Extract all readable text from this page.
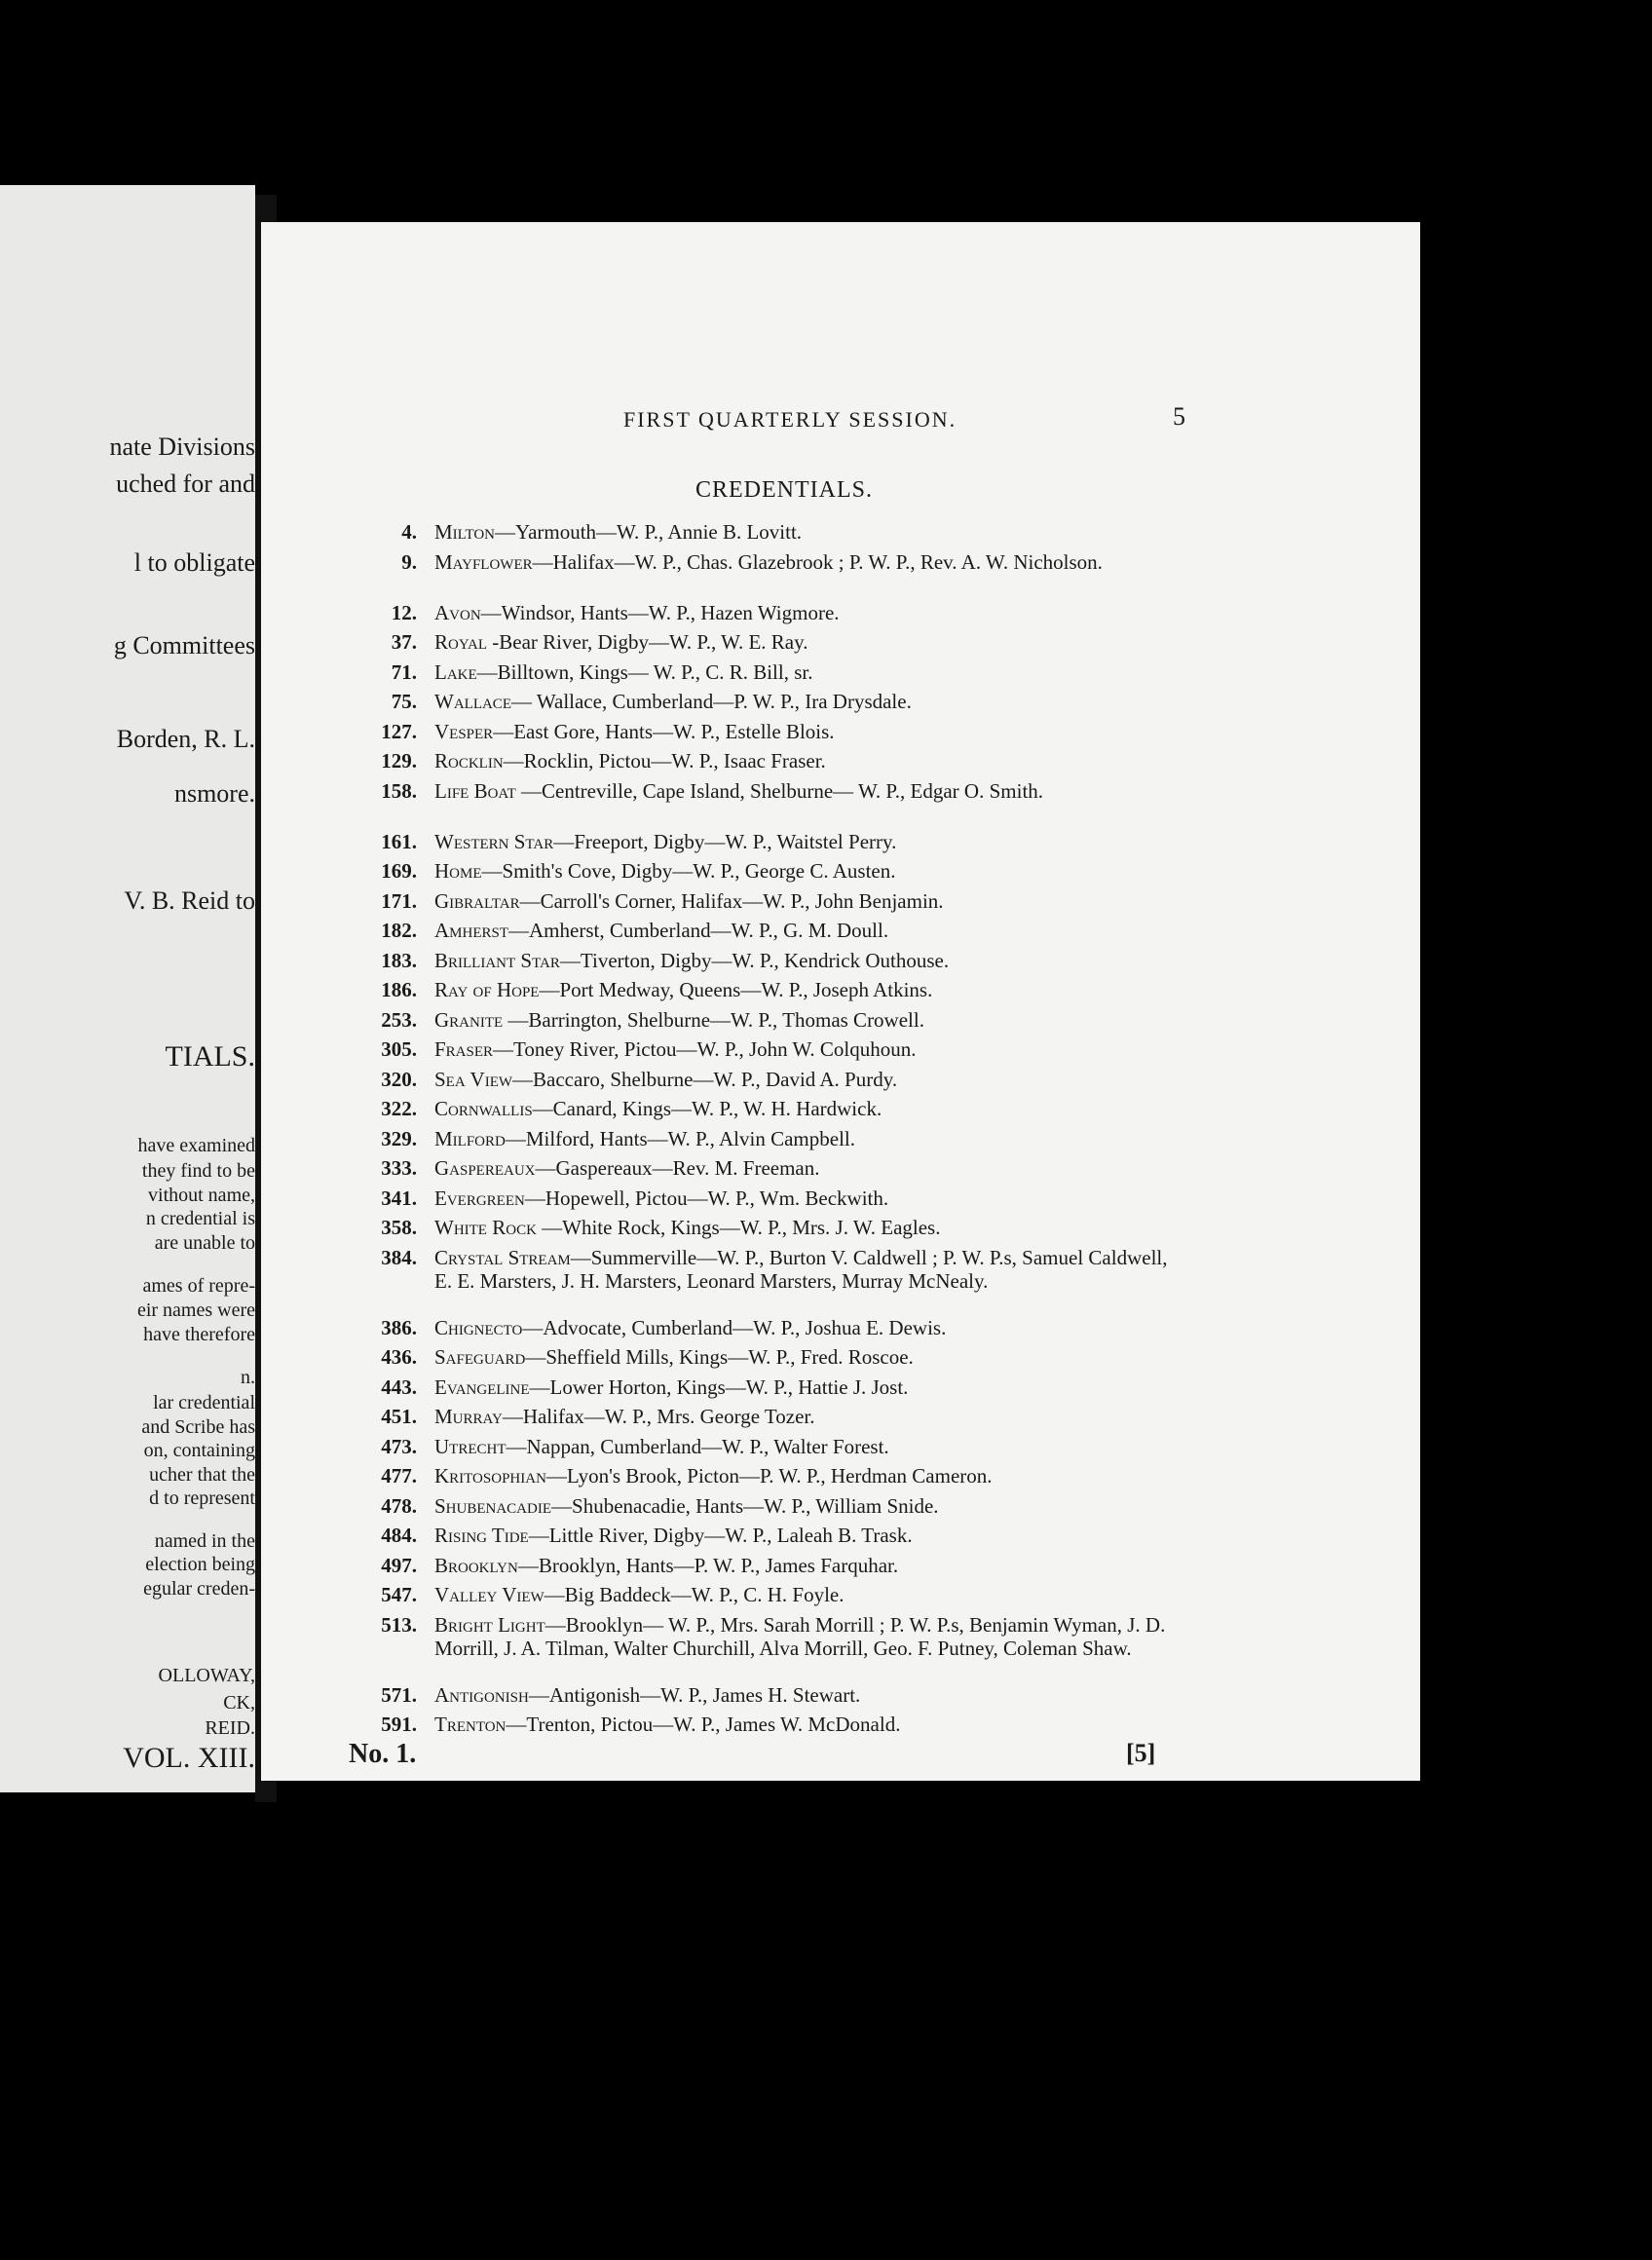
nate Divisions
uched for and
l to obligate
g Committees
Borden, R. L.
nsmore.
V. B. Reid to
TIALS.
have examined
they find to be
vithout name,
n credential is
are unable to
ames of repre-
eir names were
have therefore
n.
lar credential
and Scribe has
on, containing
ucher that the
d to represent
named in the
election being
egular creden-
OLLOWAY,
CK,
REID.
VOL. XIII.
FIRST QUARTERLY SESSION.	5
CREDENTIALS.
4. Milton—Yarmouth—W. P., Annie B. Lovitt.
9. Mayflower—Halifax—W. P., Chas. Glazebrook ; P. W. P., Rev. A. W. Nicholson.
12. Avon—Windsor, Hants—W. P., Hazen Wigmore.
37. Royal -Bear River, Digby—W. P., W. E. Ray.
71. Lake—Billtown, Kings— W. P., C. R. Bill, sr.
75. Wallace— Wallace, Cumberland—P. W. P., Ira Drysdale.
127. Vesper—East Gore, Hants—W. P., Estelle Blois.
129. Rocklin—Rocklin, Pictou—W. P., Isaac Fraser.
158. Life Boat —Centreville, Cape Island, Shelburne— W. P., Edgar O. Smith.
161. Western Star—Freeport, Digby—W. P., Waitstel Perry.
169. Home—Smith's Cove, Digby—W. P., George C. Austen.
171. Gibraltar—Carroll's Corner, Halifax—W. P., John Benjamin.
182. Amherst—Amherst, Cumberland—W. P., G. M. Doull.
183. Brilliant Star—Tiverton, Digby—W. P., Kendrick Outhouse.
186. Ray of Hope—Port Medway, Queens—W. P., Joseph Atkins.
253. Granite —Barrington, Shelburne—W. P., Thomas Crowell.
305. Fraser—Toney River, Pictou—W. P., John W. Colquhoun.
320. Sea View—Baccaro, Shelburne—W. P., David A. Purdy.
322. Cornwallis—Canard, Kings—W. P., W. H. Hardwick.
329. Milford—Milford, Hants—W. P., Alvin Campbell.
333. Gaspereaux—Gaspereaux—Rev. M. Freeman.
341. Evergreen—Hopewell, Pictou—W. P., Wm. Beckwith.
358. White Rock —White Rock, Kings—W. P., Mrs. J. W. Eagles.
384. Crystal Stream—Summerville—W. P., Burton V. Caldwell ; P. W. P.s, Samuel Caldwell, E. E. Marsters, J. H. Marsters, Leonard Marsters, Murray McNealy.
386. Chignecto—Advocate, Cumberland—W. P., Joshua E. Dewis.
436. Safeguard—Sheffield Mills, Kings—W. P., Fred. Roscoe.
443. Evangeline—Lower Horton, Kings—W. P., Hattie J. Jost.
451. Murray—Halifax—W. P., Mrs. George Tozer.
473. Utrecht—Nappan, Cumberland—W. P., Walter Forest.
477. Kritosophian—Lyon's Brook, Picton—P. W. P., Herdman Cameron.
478. Shubenacadie—Shubenacadie, Hants—W. P., William Snide.
484. Rising Tide—Little River, Digby—W. P., Laleah B. Trask.
497. Brooklyn—Brooklyn, Hants—P. W. P., James Farquhar.
547. Valley View—Big Baddeck—W. P., C. H. Foyle.
513. Bright Light—Brooklyn— W. P., Mrs. Sarah Morrill ; P. W. P.s, Benjamin Wyman, J. D. Morrill, J. A. Tilman, Walter Churchill, Alva Morrill, Geo. F. Putney, Coleman Shaw.
571. Antigonish—Antigonish—W. P., James H. Stewart.
591. Trenton—Trenton, Pictou—W. P., James W. McDonald.
No. 1.	[5]
